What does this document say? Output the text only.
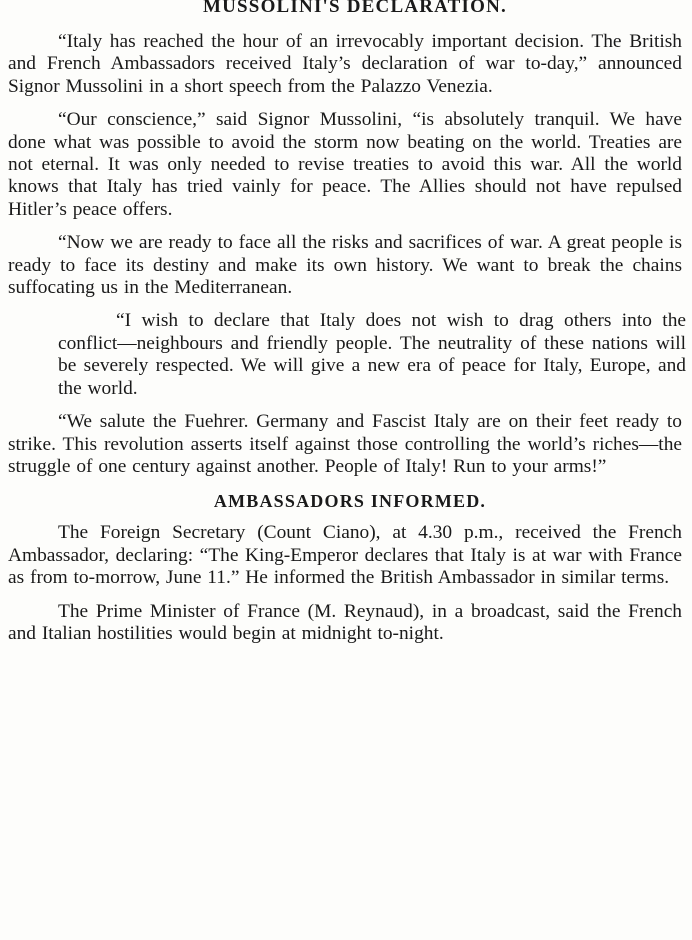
MUSSOLINI'S DECLARATION.

“Italy has reached the hour of an irrevocably important decision. The British and French Ambassadors received Italy’s declaration of war to-day,” announced Signor Mussolini in a short speech from the Palazzo Venezia.

“Our conscience,” said Signor Mussolini, “is absolutely tranquil. We have done what was possible to avoid the storm now beating on the world. Treaties are not eternal. It was only needed to revise treaties to avoid this war. All the world knows that Italy has tried vainly for peace. The Allies should not have repulsed Hitler’s peace offers.

“Now we are ready to face all the risks and sacrifices of war. A great people is ready to face its destiny and make its own history. We want to break the chains suffocating us in the Mediterranean.

“I wish to declare that Italy does not wish to drag others into the conflict—neighbours and friendly people. The neutrality of these nations will be severely respected. We will give a new era of peace for Italy, Europe, and the world.

“We salute the Fuehrer. Germany and Fascist Italy are on their feet ready to strike. This revolution asserts itself against those controlling the world’s riches—the struggle of one century against another. People of Italy! Run to your arms!”

AMBASSADORS INFORMED.

The Foreign Secretary (Count Ciano), at 4.30 p.m., received the French Ambassador, declaring: “The King-Emperor declares that Italy is at war with France as from to-morrow, June 11.” He informed the British Ambassador in similar terms.

The Prime Minister of France (M. Reynaud), in a broadcast, said the French and Italian hostilities would begin at midnight to-night.
